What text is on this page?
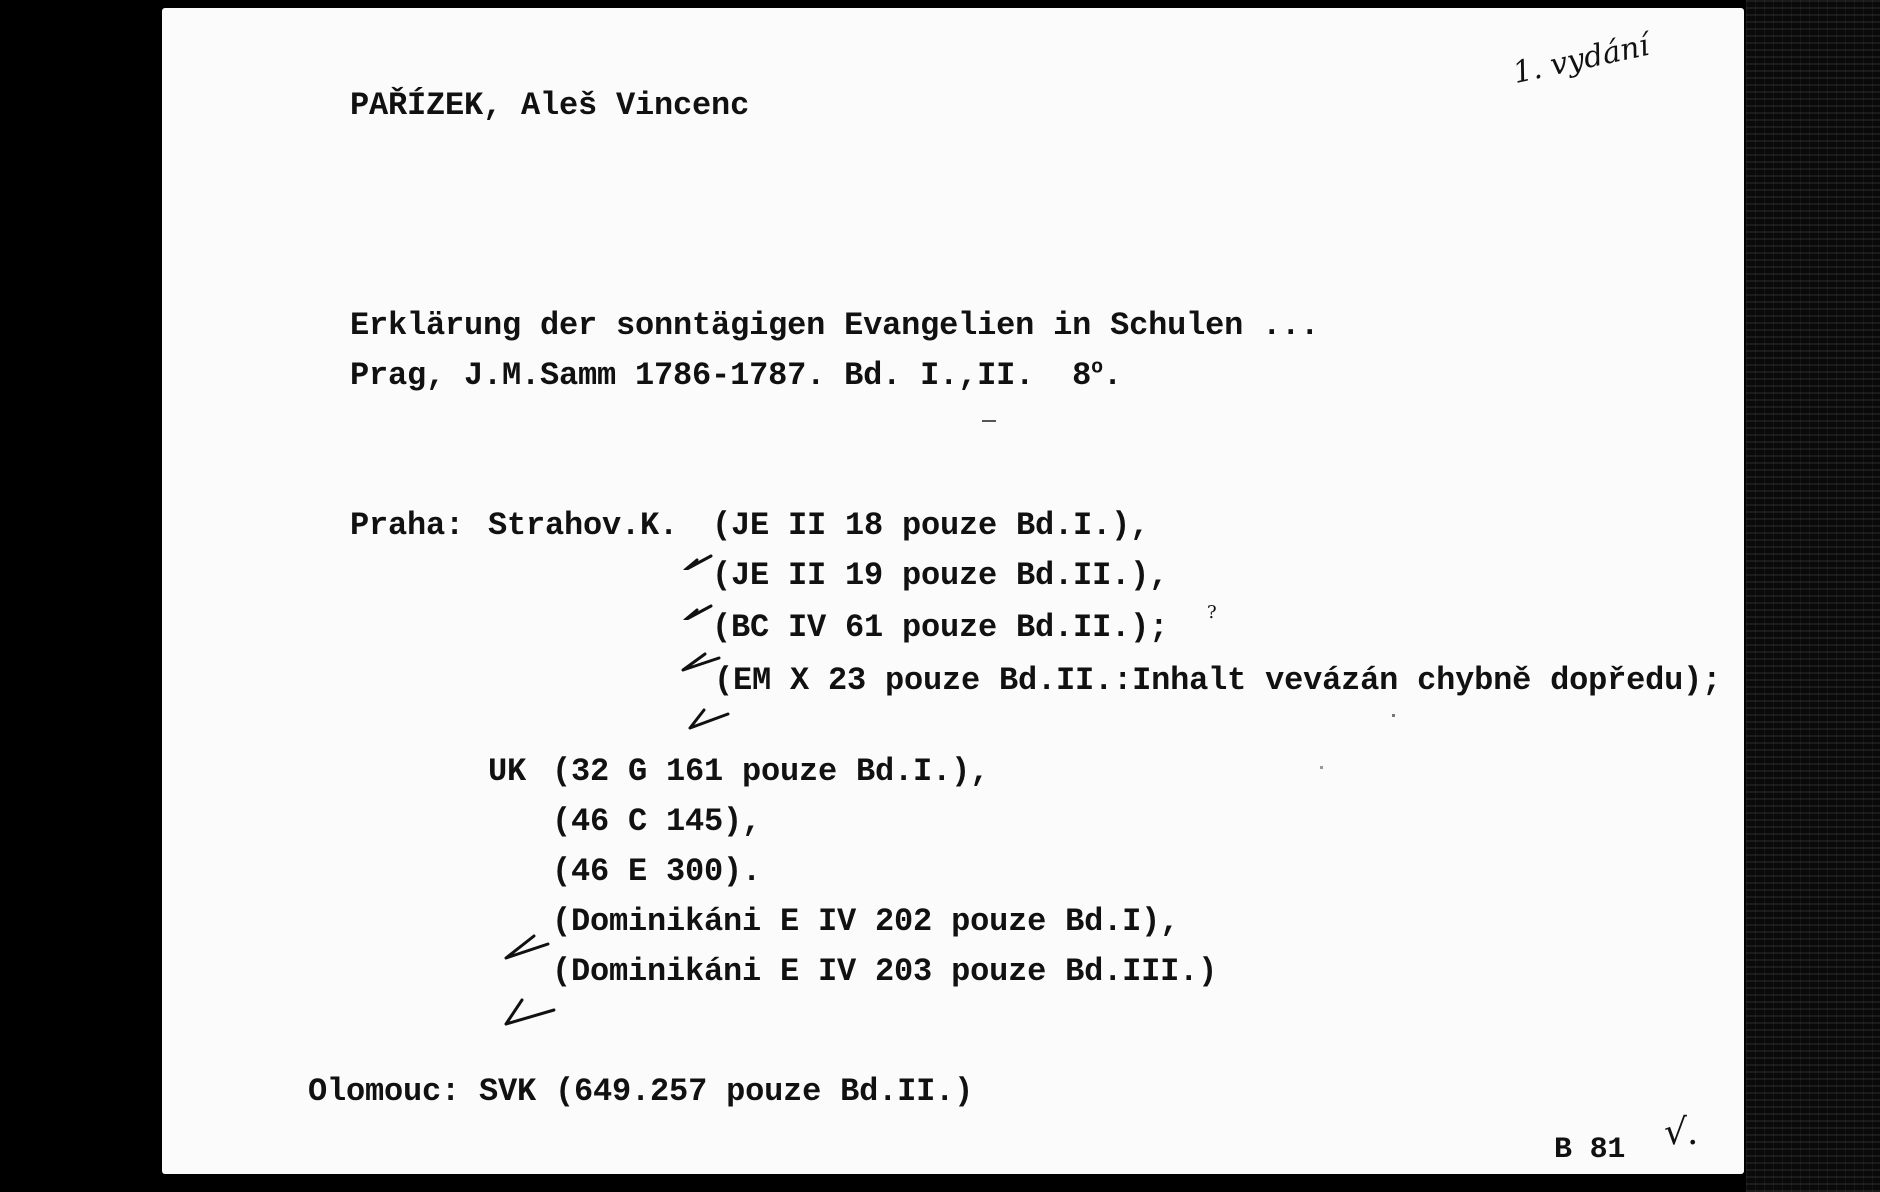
1. vydání
PAŘÍZEK, Aleš Vincenc
Erklärung der sonntägigen Evangelien in Schulen ...
Prag, J.M.Samm 1786-1787. Bd. I.,II.  8$^o$.
Praha: Strahov.K. (JE II 18 pouze Bd.I.),
(JE II 19 pouze Bd.II.),
(BC IV 61 pouze Bd.II.);
(EM X 23 pouze Bd.II.:Inhalt vevázán chybně dopředu);
?
UK (32 G 161 pouze Bd.I.),
(46 C 145),
(46 E 300).
(Dominikáni E IV 202 pouze Bd.I),
(Dominikáni E IV 203 pouze Bd.III.)
Olomouc: SVK (649.257 pouze Bd.II.)
B 81 √.
